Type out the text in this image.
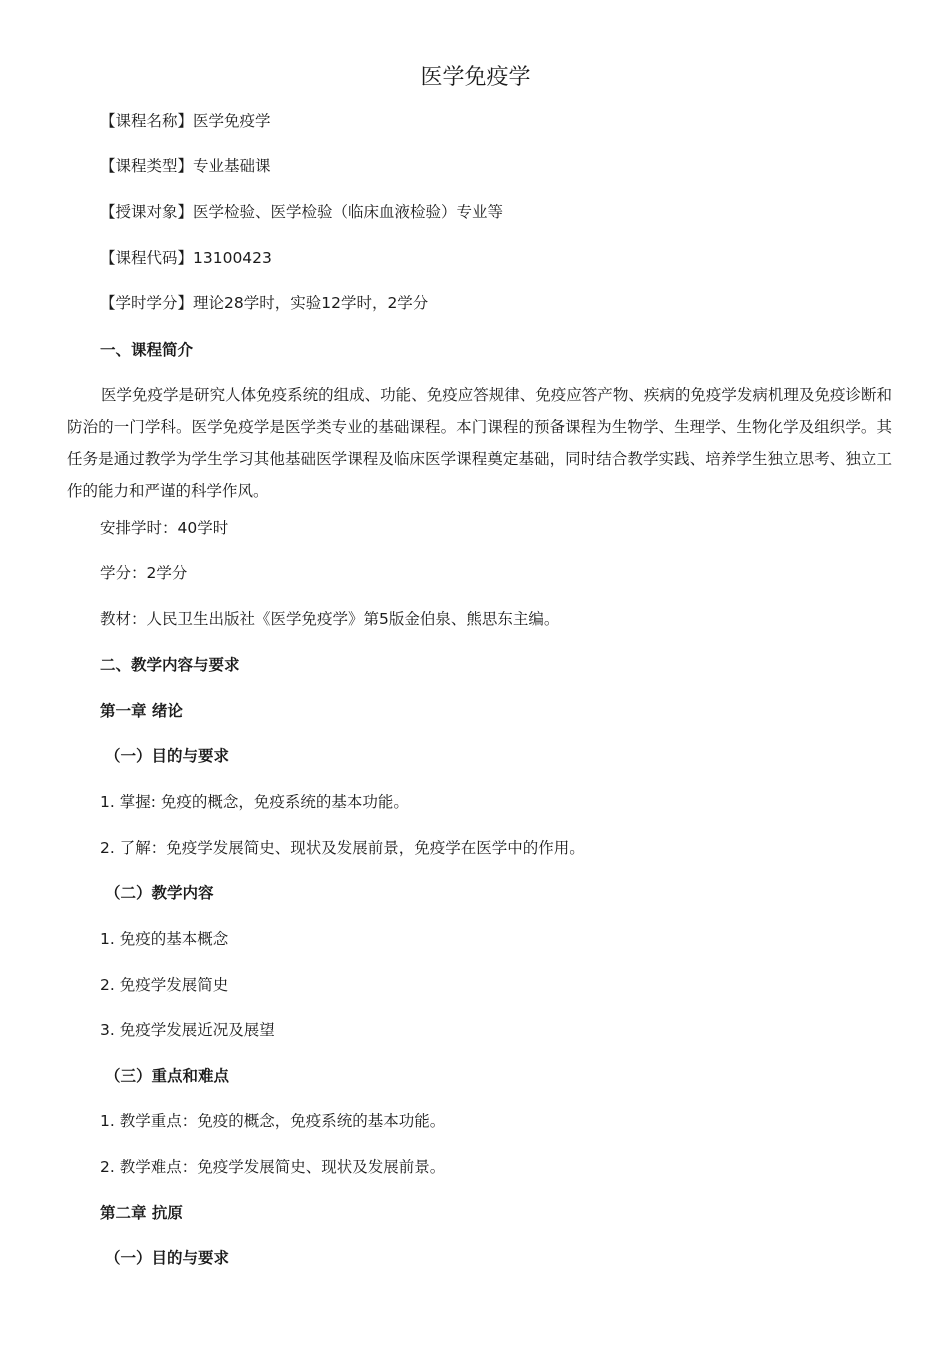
医学免疫学

【课程名称】医学免疫学

【课程类型】专业基础课

【授课对象】医学检验、医学检验（临床血液检验）专业等

【课程代码】13100423

【学时学分】理论28学时，实验12学时，2学分

一、课程简介

医学免疫学是研究人体免疫系统的组成、功能、免疫应答规律、免疫应答产物、疾病的免疫学发病机理及免疫诊断和防治的一门学科。医学免疫学是医学类专业的基础课程。本门课程的预备课程为生物学、生理学、生物化学及组织学。其任务是通过教学为学生学习其他基础医学课程及临床医学课程奠定基础，同时结合教学实践、培养学生独立思考、独立工作的能力和严谨的科学作风。

安排学时：40学时

学分：2学分

教材：人民卫生出版社《医学免疫学》第5版金伯泉、熊思东主编。

二、教学内容与要求

第一章 绪论

（一）目的与要求

1. 掌握: 免疫的概念，免疫系统的基本功能。

2. 了解：免疫学发展简史、现状及发展前景，免疫学在医学中的作用。

（二）教学内容

1. 免疫的基本概念

2. 免疫学发展简史

3. 免疫学发展近况及展望

（三）重点和难点

1. 教学重点：免疫的概念，免疫系统的基本功能。

2. 教学难点：免疫学发展简史、现状及发展前景。

第二章 抗原

（一）目的与要求
